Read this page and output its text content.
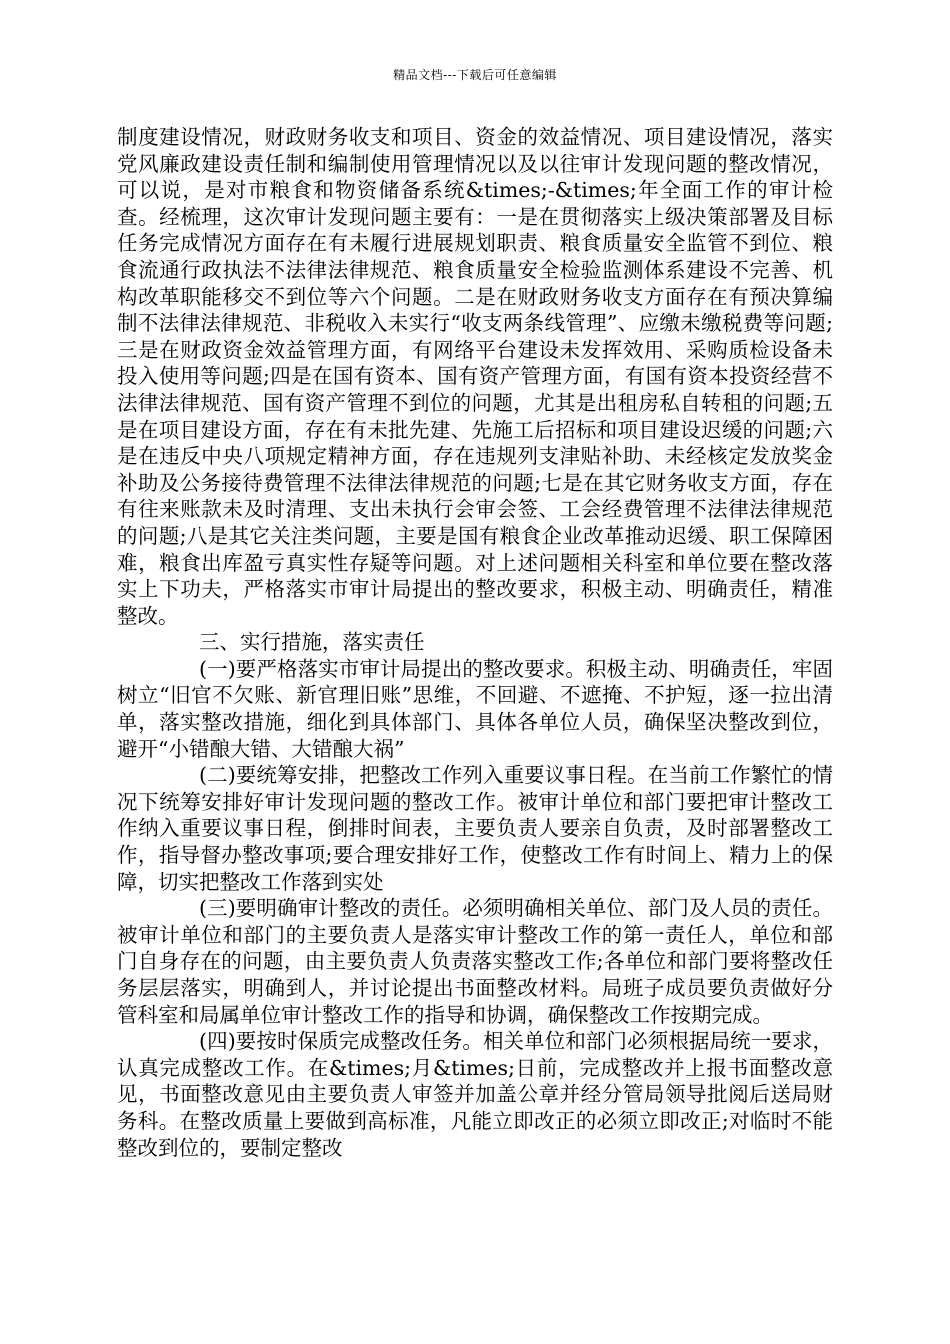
精品文档---下载后可任意编辑

制度建设情况，财政财务收支和项目、资金的效益情况、项目建设情况，落实党风廉政建设责任制和编制使用管理情况以及以往审计发现问题的整改情况，可以说，是对市粮食和物资储备系统&times;-&times;年全面工作的审计检查。经梳理，这次审计发现问题主要有：一是在贯彻落实上级决策部署及目标任务完成情况方面存在有未履行进展规划职责、粮食质量安全监管不到位、粮食流通行政执法不法律法律规范、粮食质量安全检验监测体系建设不完善、机构改革职能移交不到位等六个问题。二是在财政财务收支方面存在有预决算编制不法律法律规范、非税收入未实行“收支两条线管理”、应缴未缴税费等问题;三是在财政资金效益管理方面，有网络平台建设未发挥效用、采购质检设备未投入使用等问题;四是在国有资本、国有资产管理方面，有国有资本投资经营不法律法律规范、国有资产管理不到位的问题，尤其是出租房私自转租的问题;五是在项目建设方面，存在有未批先建、先施工后招标和项目建设迟缓的问题;六是在违反中央八项规定精神方面，存在违规列支津贴补助、未经核定发放奖金补助及公务接待费管理不法律法律规范的问题;七是在其它财务收支方面，存在有往来账款未及时清理、支出未执行会审会签、工会经费管理不法律法律规范的问题;八是其它关注类问题，主要是国有粮食企业改革推动迟缓、职工保障困难，粮食出库盈亏真实性存疑等问题。对上述问题相关科室和单位要在整改落实上下功夫，严格落实市审计局提出的整改要求，积极主动、明确责任，精准整改。

三、实行措施，落实责任

(一)要严格落实市审计局提出的整改要求。积极主动、明确责任，牢固树立“旧官不欠账、新官理旧账”思维，不回避、不遮掩、不护短，逐一拉出清单，落实整改措施，细化到具体部门、具体各单位人员，确保坚决整改到位，避开“小错酿大错、大错酿大祸”

(二)要统筹安排，把整改工作列入重要议事日程。在当前工作繁忙的情况下统筹安排好审计发现问题的整改工作。被审计单位和部门要把审计整改工作纳入重要议事日程，倒排时间表，主要负责人要亲自负责，及时部署整改工作，指导督办整改事项;要合理安排好工作，使整改工作有时间上、精力上的保障，切实把整改工作落到实处

(三)要明确审计整改的责任。必须明确相关单位、部门及人员的责任。被审计单位和部门的主要负责人是落实审计整改工作的第一责任人，单位和部门自身存在的问题，由主要负责人负责落实整改工作;各单位和部门要将整改任务层层落实，明确到人，并讨论提出书面整改材料。局班子成员要负责做好分管科室和局属单位审计整改工作的指导和协调，确保整改工作按期完成。

(四)要按时保质完成整改任务。相关单位和部门必须根据局统一要求，认真完成整改工作。在&times;月&times;日前，完成整改并上报书面整改意见，书面整改意见由主要负责人审签并加盖公章并经分管局领导批阅后送局财务科。在整改质量上要做到高标准，凡能立即改正的必须立即改正;对临时不能整改到位的，要制定整改
